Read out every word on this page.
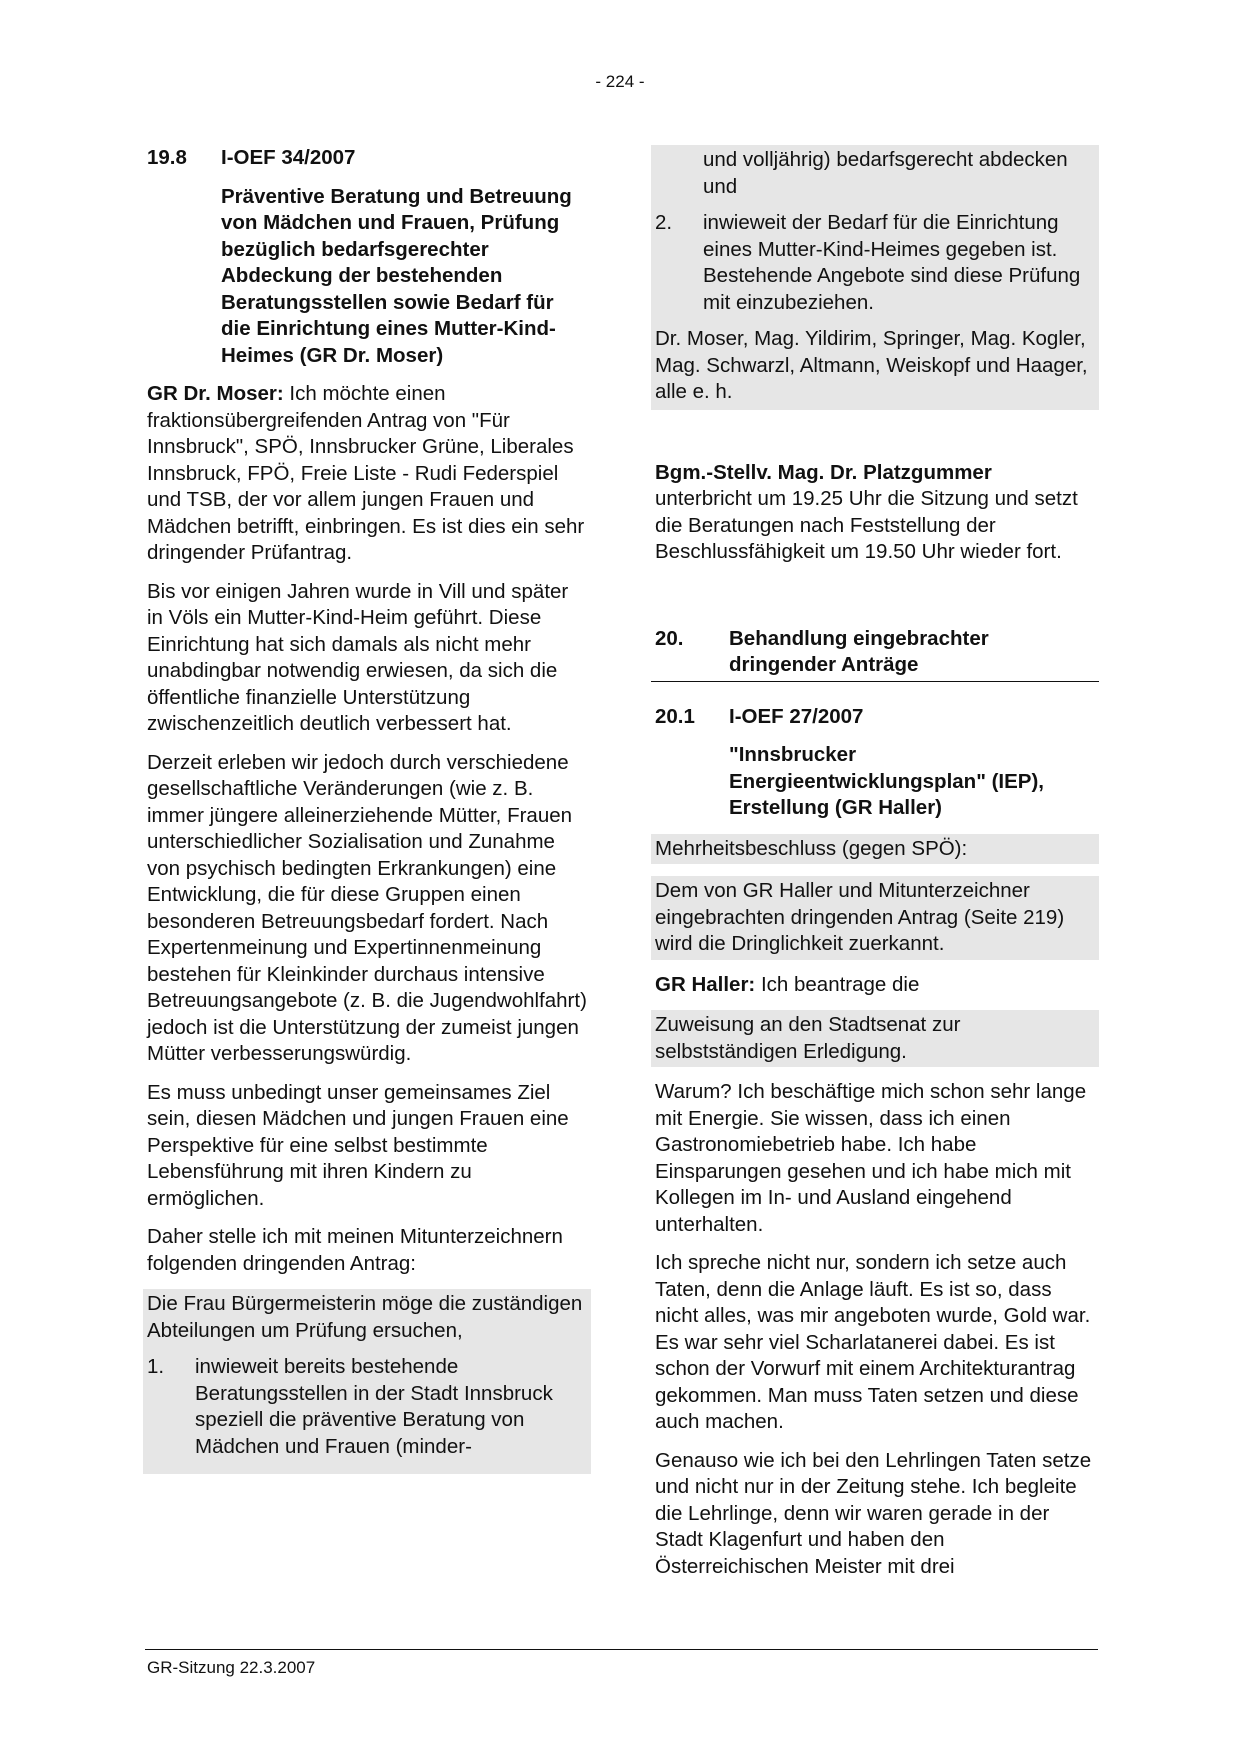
- 224 -
19.8	I-OEF 34/2007
Präventive Beratung und Betreuung von Mädchen und Frauen, Prüfung bezüglich bedarfsgerechter Abdeckung der bestehenden Beratungsstellen sowie Bedarf für die Einrichtung eines Mutter-Kind-Heimes (GR Dr. Moser)

GR Dr. Moser: Ich möchte einen fraktionsübergreifenden Antrag von "Für Innsbruck", SPÖ, Innsbrucker Grüne, Liberales Innsbruck, FPÖ, Freie Liste - Rudi Federspiel und TSB, der vor allem jungen Frauen und Mädchen betrifft, einbringen. Es ist dies ein sehr dringender Prüfantrag.

Bis vor einigen Jahren wurde in Vill und später in Völs ein Mutter-Kind-Heim geführt. Diese Einrichtung hat sich damals als nicht mehr unabdingbar notwendig erwiesen, da sich die öffentliche finanzielle Unterstützung zwischenzeitlich deutlich verbessert hat.

Derzeit erleben wir jedoch durch verschiedene gesellschaftliche Veränderungen (wie z. B. immer jüngere alleinerziehende Mütter, Frauen unterschiedlicher Sozialisation und Zunahme von psychisch bedingten Erkrankungen) eine Entwicklung, die für diese Gruppen einen besonderen Betreuungsbedarf fordert. Nach Expertenmeinung und Expertinnenmeinung bestehen für Kleinkinder durchaus intensive Betreuungsangebote (z. B. die Jugendwohlfahrt) jedoch ist die Unterstützung der zumeist jungen Mütter verbesserungswürdig.

Es muss unbedingt unser gemeinsames Ziel sein, diesen Mädchen und jungen Frauen eine Perspektive für eine selbst bestimmte Lebensführung mit ihren Kindern zu ermöglichen.

Daher stelle ich mit meinen Mitunterzeichnern folgenden dringenden Antrag:

Die Frau Bürgermeisterin möge die zuständigen Abteilungen um Prüfung ersuchen,

1.	inwieweit bereits bestehende Beratungsstellen in der Stadt Innsbruck speziell die präventive Beratung von Mädchen und Frauen (minder-
und volljährig) bedarfsgerecht abdecken und
2.	inwieweit der Bedarf für die Einrichtung eines Mutter-Kind-Heimes gegeben ist. Bestehende Angebote sind diese Prüfung mit einzubeziehen.

Dr. Moser, Mag. Yildirim, Springer, Mag. Kogler, Mag. Schwarzl, Altmann, Weiskopf und Haager, alle e. h.

Bgm.-Stellv. Mag. Dr. Platzgummer
unterbricht um 19.25 Uhr die Sitzung und setzt die Beratungen nach Feststellung der Beschlussfähigkeit um 19.50 Uhr wieder fort.

20.	Behandlung eingebrachter dringender Anträge
20.1	I-OEF 27/2007
"Innsbrucker Energieentwicklungsplan" (IEP), Erstellung (GR Haller)

Mehrheitsbeschluss (gegen SPÖ):

Dem von GR Haller und Mitunterzeichner eingebrachten dringenden Antrag (Seite 219) wird die Dringlichkeit zuerkannt.

GR Haller: Ich beantrage die

Zuweisung an den Stadtsenat zur selbstständigen Erledigung.

Warum? Ich beschäftige mich schon sehr lange mit Energie. Sie wissen, dass ich einen Gastronomiebetrieb habe. Ich habe Einsparungen gesehen und ich habe mich mit Kollegen im In- und Ausland eingehend unterhalten.

Ich spreche nicht nur, sondern ich setze auch Taten, denn die Anlage läuft. Es ist so, dass nicht alles, was mir angeboten wurde, Gold war. Es war sehr viel Scharlatanerei dabei. Es ist schon der Vorwurf mit einem Architekturantrag gekommen. Man muss Taten setzen und diese auch machen.

Genauso wie ich bei den Lehrlingen Taten setze und nicht nur in der Zeitung stehe. Ich begleite die Lehrlinge, denn wir waren gerade in der Stadt Klagenfurt und haben den Österreichischen Meister mit drei

GR-Sitzung 22.3.2007
